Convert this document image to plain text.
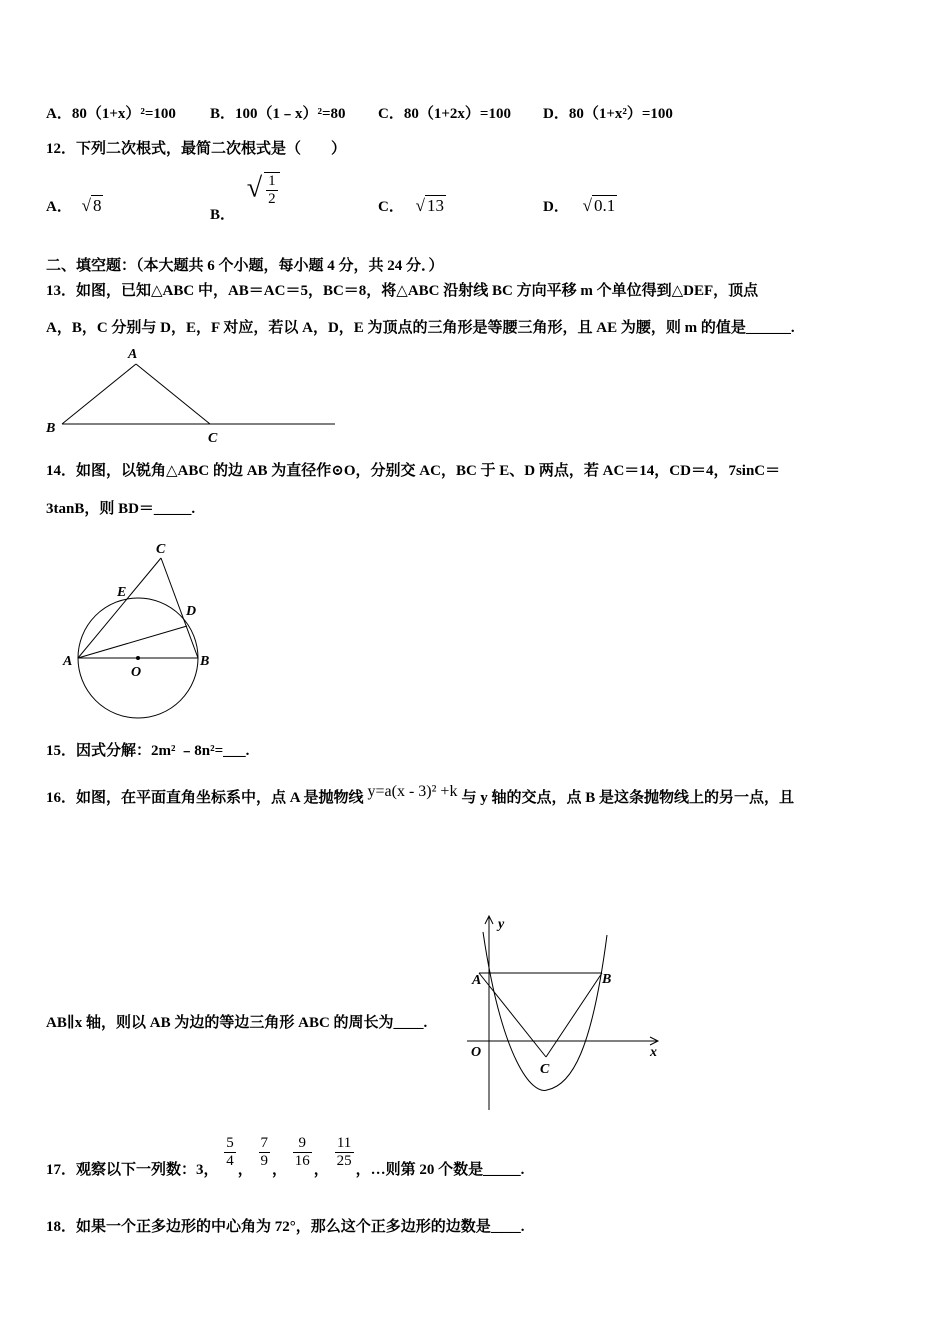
A．80（1+x）²=100 B．100（1﹣x）²=80 C．80（1+2x）=100 D．80（1+x²）=100
12．下列二次根式，最简二次根式是（　　）
A． √ 8
B． √ $\frac{1}{2}$	C． √ 13	D． √ 0.1
二、填空题：（本大题共 6 个小题，每小题 4 分，共 24 分．）
13．如图，已知△ABC 中，AB＝AC＝5，BC＝8，将△ABC 沿射线 BC 方向平移 m 个单位得到△DEF，顶点
A，B，C 分别与 D，E，F 对应，若以 A，D，E 为顶点的三角形是等腰三角形，且 AE 为腰，则 m 的值是______.
A
B
C
14．如图，以锐角△ABC 的边 AB 为直径作⊙O，分别交 AC，BC 于 E、D 两点，若 AC＝14，CD＝4，7sinC＝
3tanB，则 BD＝_____.
C
E
D
A	B
O
15．因式分解：2m² ﹣8n²=___.
16．如图，在平面直角坐标系中，点 A 是抛物线 y=a(x - 3)² +k 与 y 轴的交点，点 B 是这条抛物线上的另一点，且
AB∥x 轴，则以 AB 为边的等边三角形 ABC 的周长为____.
y
x
A	B
C
O
17．观察以下一列数：3， $\frac{5}{4}$ ， $\frac{7}{9}$ ， $\frac{9}{16}$ ， $\frac{11}{25}$ ，…则第 20 个数是_____.
18．如果一个正多边形的中心角为 72°，那么这个正多边形的边数是____.
